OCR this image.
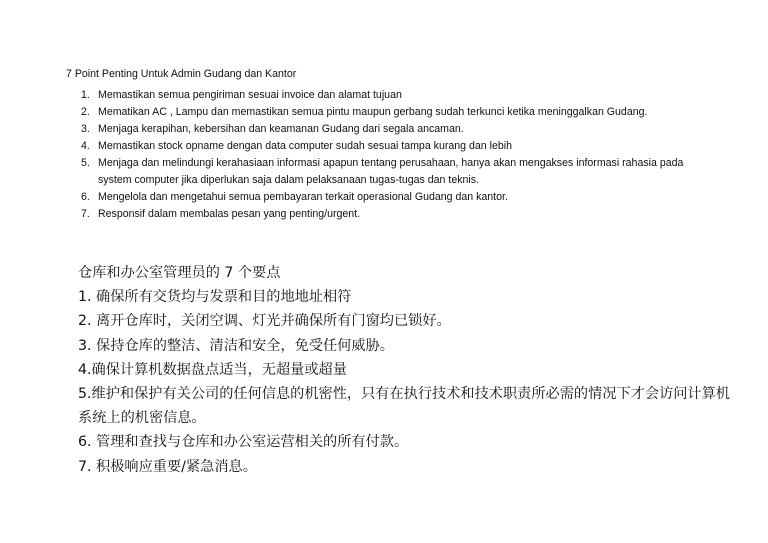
7 Point Penting Untuk Admin Gudang dan Kantor
1. Memastikan semua pengiriman sesuai invoice dan alamat tujuan
2. Mematikan AC , Lampu dan memastikan semua pintu maupun gerbang sudah terkunci ketika meninggalkan Gudang.
3. Menjaga kerapihan, kebersihan dan keamanan Gudang dari segala ancaman.
4. Memastikan stock opname dengan data computer sudah sesuai tampa kurang dan lebih
5. Menjaga dan melindungi kerahasiaan informasi apapun tentang perusahaan, hanya akan mengakses informasi rahasia pada system computer jika diperlukan saja dalam pelaksanaan tugas-tugas dan teknis.
6. Mengelola dan mengetahui semua pembayaran terkait operasional Gudang dan kantor.
7. Responsif dalam membalas pesan yang penting/urgent.
仓库和办公室管理员的 7 个要点
1. 确保所有交货均与发票和目的地地址相符
2. 离开仓库时，关闭空调、灯光并确保所有门窗均已锁好。
3. 保持仓库的整洁、清洁和安全，免受任何威胁。
4.确保计算机数据盘点适当，无超量或超量
5.维护和保护有关公司的任何信息的机密性，只有在执行技术和技术职责所必需的情况下才会访问计算机系统上的机密信息。
6. 管理和查找与仓库和办公室运营相关的所有付款。
7. 积极响应重要/紧急消息。
